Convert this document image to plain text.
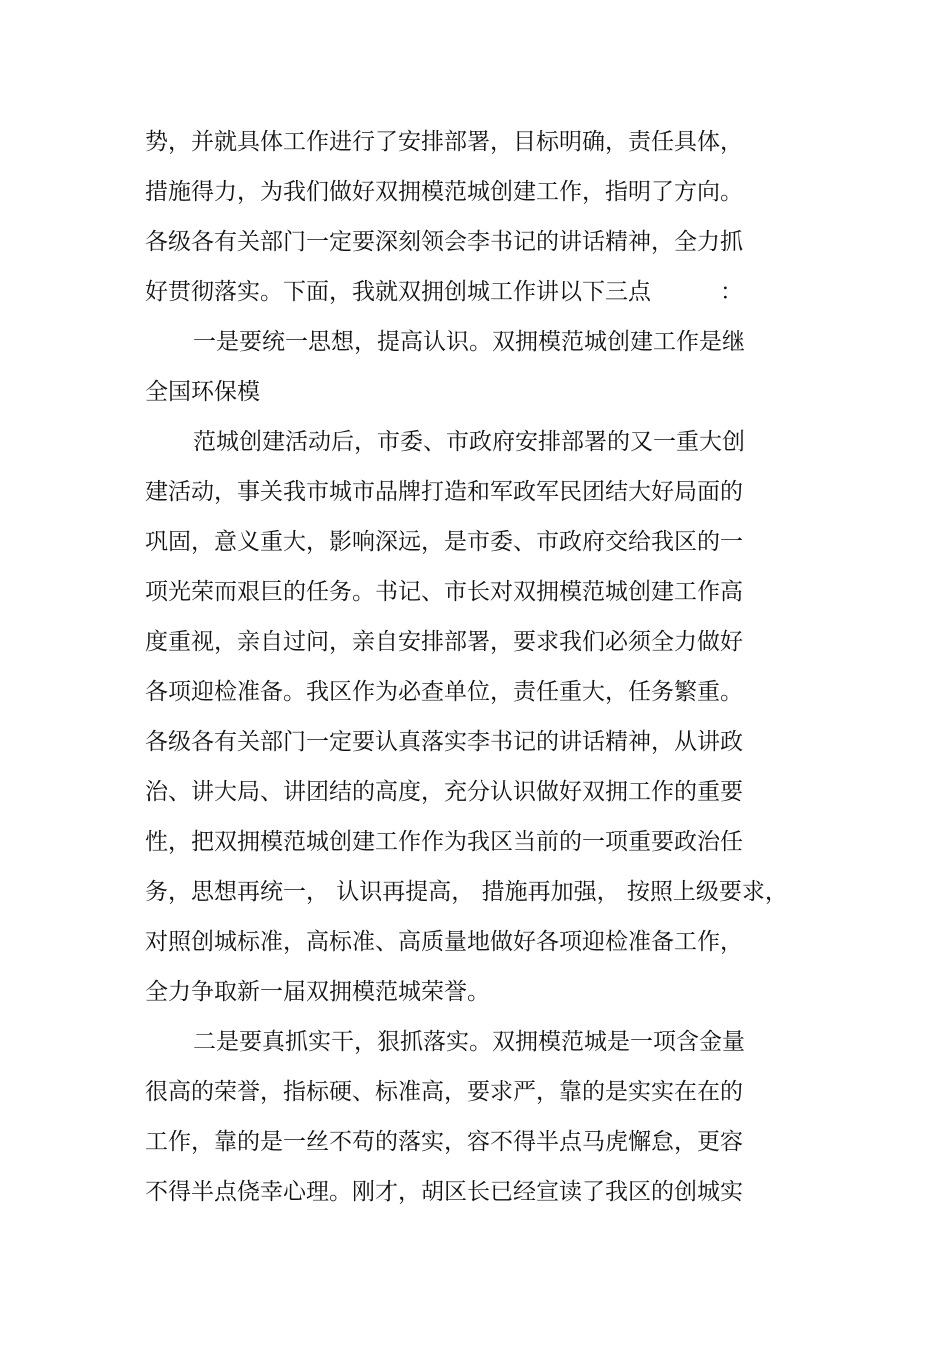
势，并就具体工作进行了安排部署，目标明确，责任具体，

措施得力，为我们做好双拥模范城创建工作，指明了方向。

各级各有关部门一定要深刻领会李书记的讲话精神，全力抓

好贯彻落实。下面，我就双拥创城工作讲以下三点　　　：

一是要统一思想，提高认识。双拥模范城创建工作是继

全国环保模

范城创建活动后，市委、市政府安排部署的又一重大创

建活动，事关我市城市品牌打造和军政军民团结大好局面的

巩固，意义重大，影响深远，是市委、市政府交给我区的一

项光荣而艰巨的任务。书记、市长对双拥模范城创建工作高

度重视，亲自过问，亲自安排部署，要求我们必须全力做好

各项迎检准备。我区作为必查单位，责任重大，任务繁重。

各级各有关部门一定要认真落实李书记的讲话精神，从讲政

治、讲大局、讲团结的高度，充分认识做好双拥工作的重要

性，把双拥模范城创建工作作为我区当前的一项重要政治任

务，思想再统一， 认识再提高， 措施再加强， 按照上级要求，

对照创城标准，高标准、高质量地做好各项迎检准备工作，

全力争取新一届双拥模范城荣誉。

二是要真抓实干，狠抓落实。双拥模范城是一项含金量

很高的荣誉，指标硬、标准高，要求严，靠的是实实在在的

工作，靠的是一丝不苟的落实，容不得半点马虎懈怠，更容

不得半点侥幸心理。刚才，胡区长已经宣读了我区的创城实
